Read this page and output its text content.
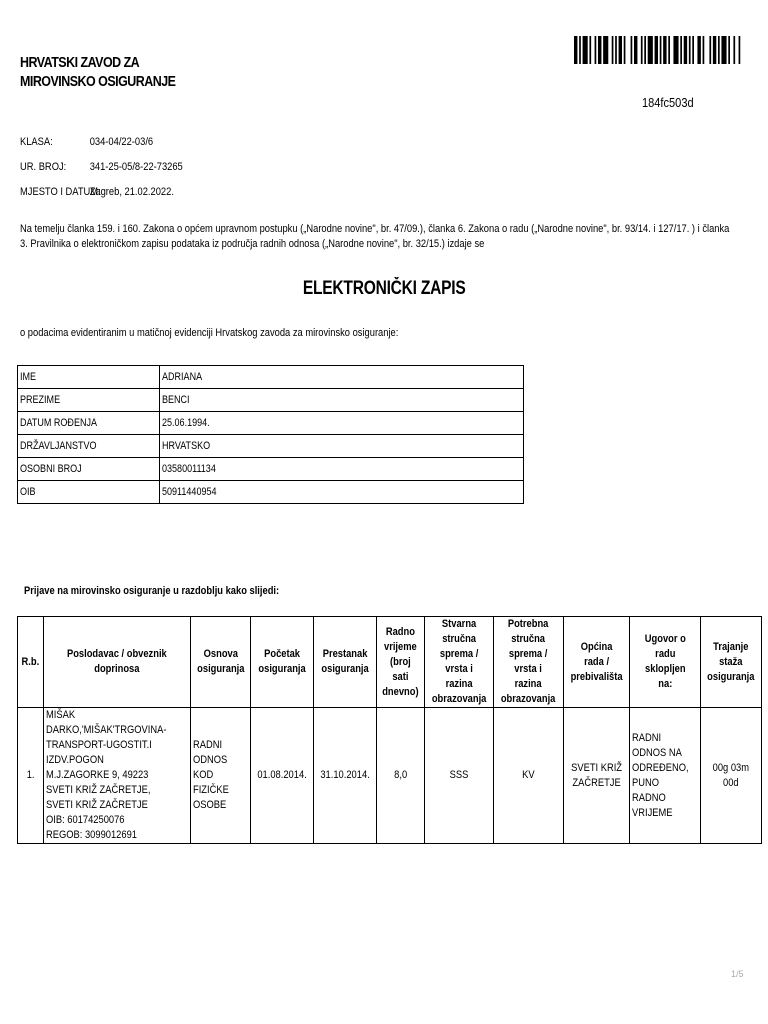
HRVATSKI ZAVOD ZA
MIROVINSKO OSIGURANJE
184fc503d
KLASA:	034-04/22-03/6
UR. BROJ: 341-25-05/8-22-73265
MJESTO I DATUM:Zagreb, 21.02.2022.
Na temelju članka 159. i 160. Zakona o općem upravnom postupku („Narodne novine", br. 47/09.), članka 6. Zakona o radu („Narodne novine", br. 93/14. i 127/17. ) i članka 3. Pravilnika o elektroničkom zapisu podataka iz područja radnih odnosa („Narodne novine", br. 32/15.) izdaje se
ELEKTRONIČKI ZAPIS
o podacima evidentiranim u matičnoj evidenciji Hrvatskog zavoda za mirovinsko osiguranje:
IME	ADRIANA
PREZIME	BENCI
DATUM ROĐENJA	25.06.1994.
DRŽAVLJANSTVO	HRVATSKO
OSOBNI BROJ	03580011134
OIB	50911440954
Prijave na mirovinsko osiguranje u razdoblju kako slijedi:
R.b.	Poslodavac / obveznik doprinosa	Osnova osiguranja	Početak osiguranja	Prestanak osiguranja	Radno vrijeme (broj sati dnevno)	Stvarna stručna sprema / vrsta i razina obrazovanja	Potrebna stručna sprema / vrsta i razina obrazovanja	Općina rada / prebivališta	Ugovor o radu sklopljen na:	Trajanje staža osiguranja
1.	MIŠAK DARKO,'MIŠAK'TRGOVINA-TRANSPORT-UGOSTIT.I IZDV.POGON M.J.ZAGORKE 9, 49223 SVETI KRIŽ ZAČRETJE, SVETI KRIŽ ZAČRETJE
OIB: 60174250076
REGOB: 3099012691	RADNI ODNOS KOD FIZIČKE OSOBE	01.08.2014.	31.10.2014.	8,0	SSS	KV	SVETI KRIŽ ZAČRETJE	RADNI ODNOS NA ODREĐENO, PUNO RADNO VRIJEME	00g 03m 00d
1/5
